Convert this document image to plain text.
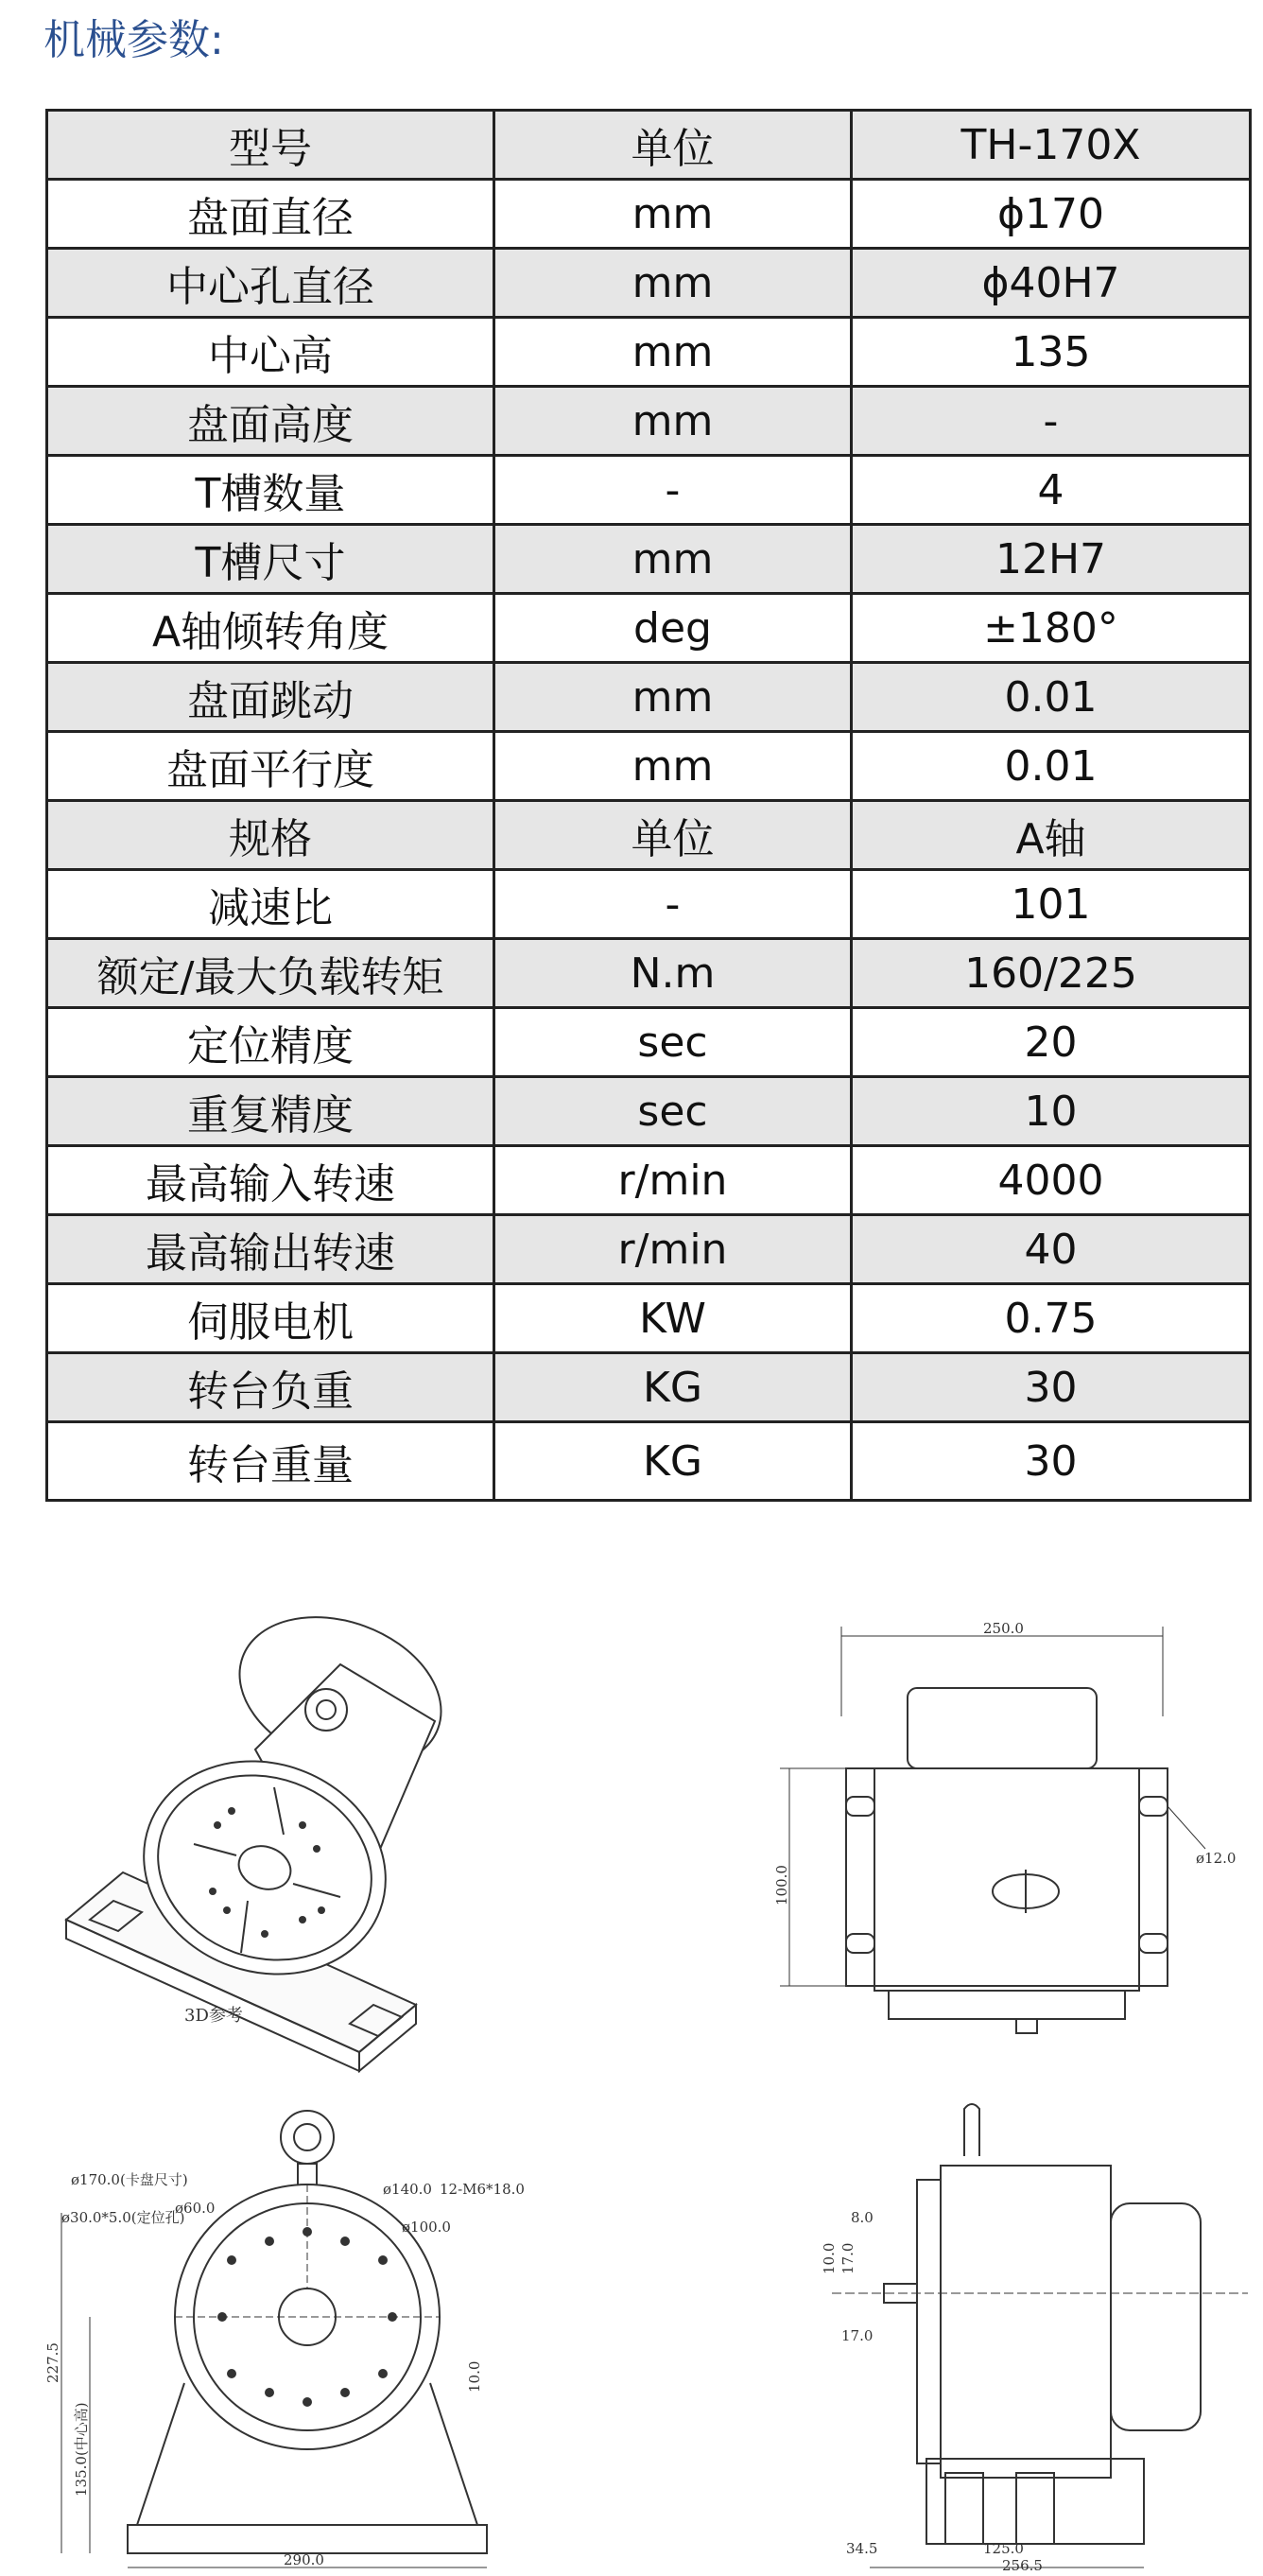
机械参数:
型号	单位	TH-170X
盘面直径	mm	ϕ170
中心孔直径	mm	ϕ40H7
中心高	mm	135
盘面高度	mm	-
T槽数量	-	4
T槽尺寸	mm	12H7
A轴倾转角度	deg	±180°
盘面跳动	mm	0.01
盘面平行度	mm	0.01
规格	单位	A轴
减速比	-	101
额定/最大负载转矩	N.m	160/225
定位精度	sec	20
重复精度	sec	10
最高输入转速	r/min	4000
最高输出转速	r/min	40
伺服电机	KW	0.75
转台负重	KG	30
转台重量	KG	30
3D参考
250.0
100.0
ø12.0
ø170.0(卡盘尺寸)
ø60.0
ø30.0*5.0(定位孔)
ø140.0
ø100.0
12-M6*18.0
227.5
135.0(中心高)
10.0
290.0
8.0
17.0
10.0
17.0
34.5	125.0
256.5
